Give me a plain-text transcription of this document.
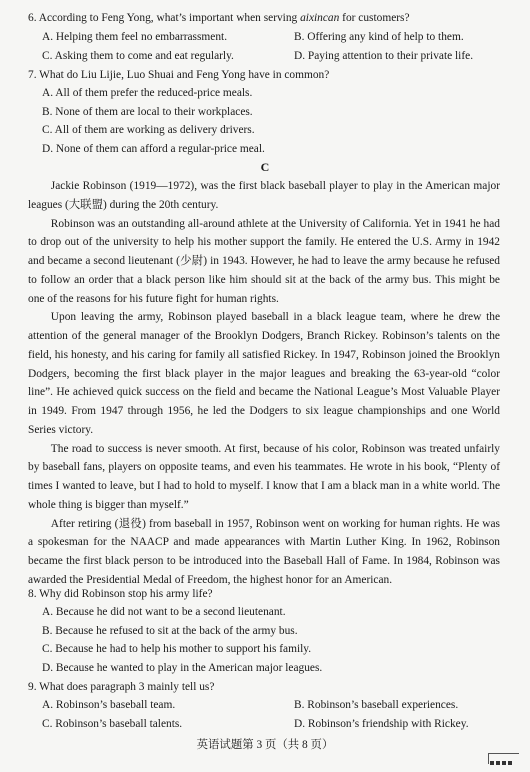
6. According to Feng Yong, what’s important when serving aixincan for customers?
A. Helping them feel no embarrassment.	B. Offering any kind of help to them.
C. Asking them to come and eat regularly.	D. Paying attention to their private life.
7. What do Liu Lijie, Luo Shuai and Feng Yong have in common?
A. All of them prefer the reduced-price meals.
B. None of them are local to their workplaces.
C. All of them are working as delivery drivers.
D. None of them can afford a regular-price meal.
C

Jackie Robinson (1919—1972), was the first black baseball player to play in the American major leagues (大联盟) during the 20th century.

Robinson was an outstanding all-around athlete at the University of California. Yet in 1941 he had to drop out of the university to help his mother support the family. He entered the U.S. Army in 1942 and became a second lieutenant (少尉) in 1943. However, he had to leave the army because he refused to follow an order that a black person like him should sit at the back of the army bus. This might be one of the reasons for his future fight for human rights.

Upon leaving the army, Robinson played baseball in a black league team, where he drew the attention of the general manager of the Brooklyn Dodgers, Branch Rickey. Robinson’s talents on the field, his honesty, and his caring for family all satisfied Rickey. In 1947, Robinson joined the Brooklyn Dodgers, becoming the first black player in the major leagues and breaking the 63-year-old “color line”. He achieved quick success on the field and became the National League’s Most Valuable Player in 1949. From 1947 through 1956, he led the Dodgers to six league championships and one World Series victory.

The road to success is never smooth. At first, because of his color, Robinson was treated unfairly by baseball fans, players on opposite teams, and even his teammates. He wrote in his book, “Plenty of times I wanted to leave, but I had to hold to myself. I know that I am a black man in a white world. The whole thing is bigger than myself.”

After retiring (退役) from baseball in 1957, Robinson went on working for human rights. He was a spokesman for the NAACP and made appearances with Martin Luther King. In 1962, Robinson became the first black person to be introduced into the Baseball Hall of Fame. In 1984, Robinson was awarded the Presidential Medal of Freedom, the highest honor for an American.

8. Why did Robinson stop his army life?
A. Because he did not want to be a second lieutenant.
B. Because he refused to sit at the back of the army bus.
C. Because he had to help his mother to support his family.
D. Because he wanted to play in the American major leagues.
9. What does paragraph 3 mainly tell us?
A. Robinson’s baseball team.	B. Robinson’s baseball experiences.
C. Robinson’s baseball talents.	D. Robinson’s friendship with Rickey.
英语试题第 3 页（共 8 页）
